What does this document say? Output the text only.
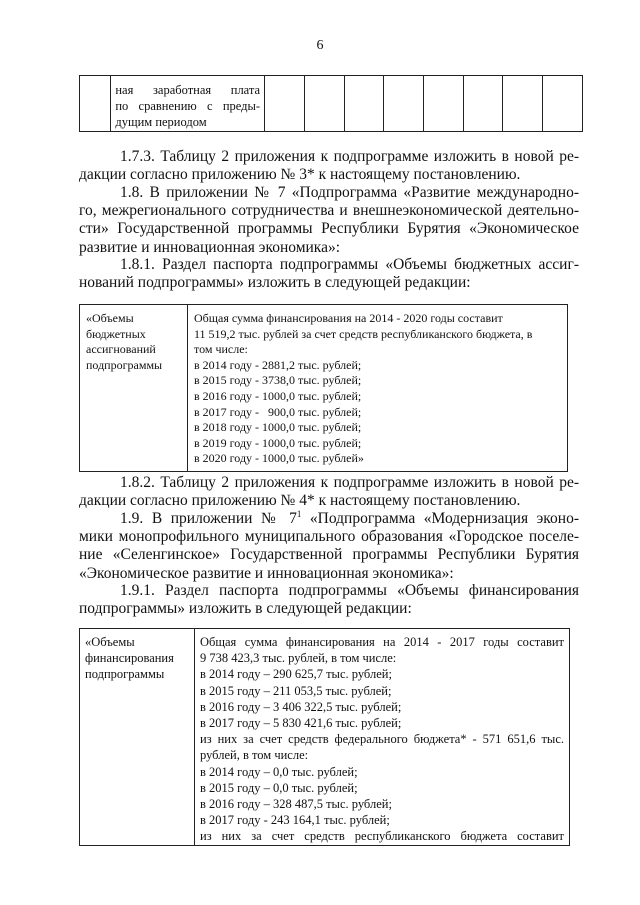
6

ная заработная плата
по сравнению с преды-
дущим периодом

1.7.3. Таблицу 2 приложения к подпрограмме изложить в новой ре-
дакции согласно приложению № 3* к настоящему постановлению.
1.8. В приложении № 7 «Подпрограмма «Развитие международно-
го, межрегионального сотрудничества и внешнеэкономической деятельно-
сти» Государственной программы Республики Бурятия «Экономическое
развитие и инновационная экономика»:
1.8.1. Раздел паспорта подпрограммы «Объемы бюджетных ассиг-
нований подпрограммы» изложить в следующей редакции:
«Объемы
бюджетных
ассигнований
подпрограммы

Общая сумма финансирования на 2014 - 2020 годы составит
11 519,2 тыс. рублей за счет средств республиканского бюджета, в
том числе:
в 2014 году - 2881,2 тыс. рублей;
в 2015 году - 3738,0 тыс. рублей;
в 2016 году - 1000,0 тыс. рублей;
в 2017 году -   900,0 тыс. рублей;
в 2018 году - 1000,0 тыс. рублей;
в 2019 году - 1000,0 тыс. рублей;
в 2020 году - 1000,0 тыс. рублей»
1.8.2. Таблицу 2 приложения к подпрограмме изложить в новой ре-
дакции согласно приложению № 4* к настоящему постановлению.
1.9. В приложении № $7^1$ «Подпрограмма «Модернизация эконо-
мики монопрофильного муниципального образования «Городское поселе-
ние «Селенгинское» Государственной программы Республики Бурятия
«Экономическое развитие и инновационная экономика»:
1.9.1. Раздел паспорта подпрограммы «Объемы финансирования
подпрограммы» изложить в следующей редакции:
«Объемы
финансирования
подпрограммы

Общая сумма финансирования на 2014 - 2017 годы составит
9 738 423,3 тыс. рублей, в том числе:
в 2014 году – 290 625,7 тыс. рублей;
в 2015 году – 211 053,5 тыс. рублей;
в 2016 году – 3 406 322,5 тыс. рублей;
в 2017 году – 5 830 421,6 тыс. рублей;
из них за счет средств федерального бюджета* - 571 651,6 тыс.
рублей, в том числе:
в 2014 году – 0,0 тыс. рублей;
в 2015 году – 0,0 тыс. рублей;
в 2016 году – 328 487,5 тыс. рублей;
в 2017 году - 243 164,1 тыс. рублей;
из них за счет средств республиканского бюджета составит
